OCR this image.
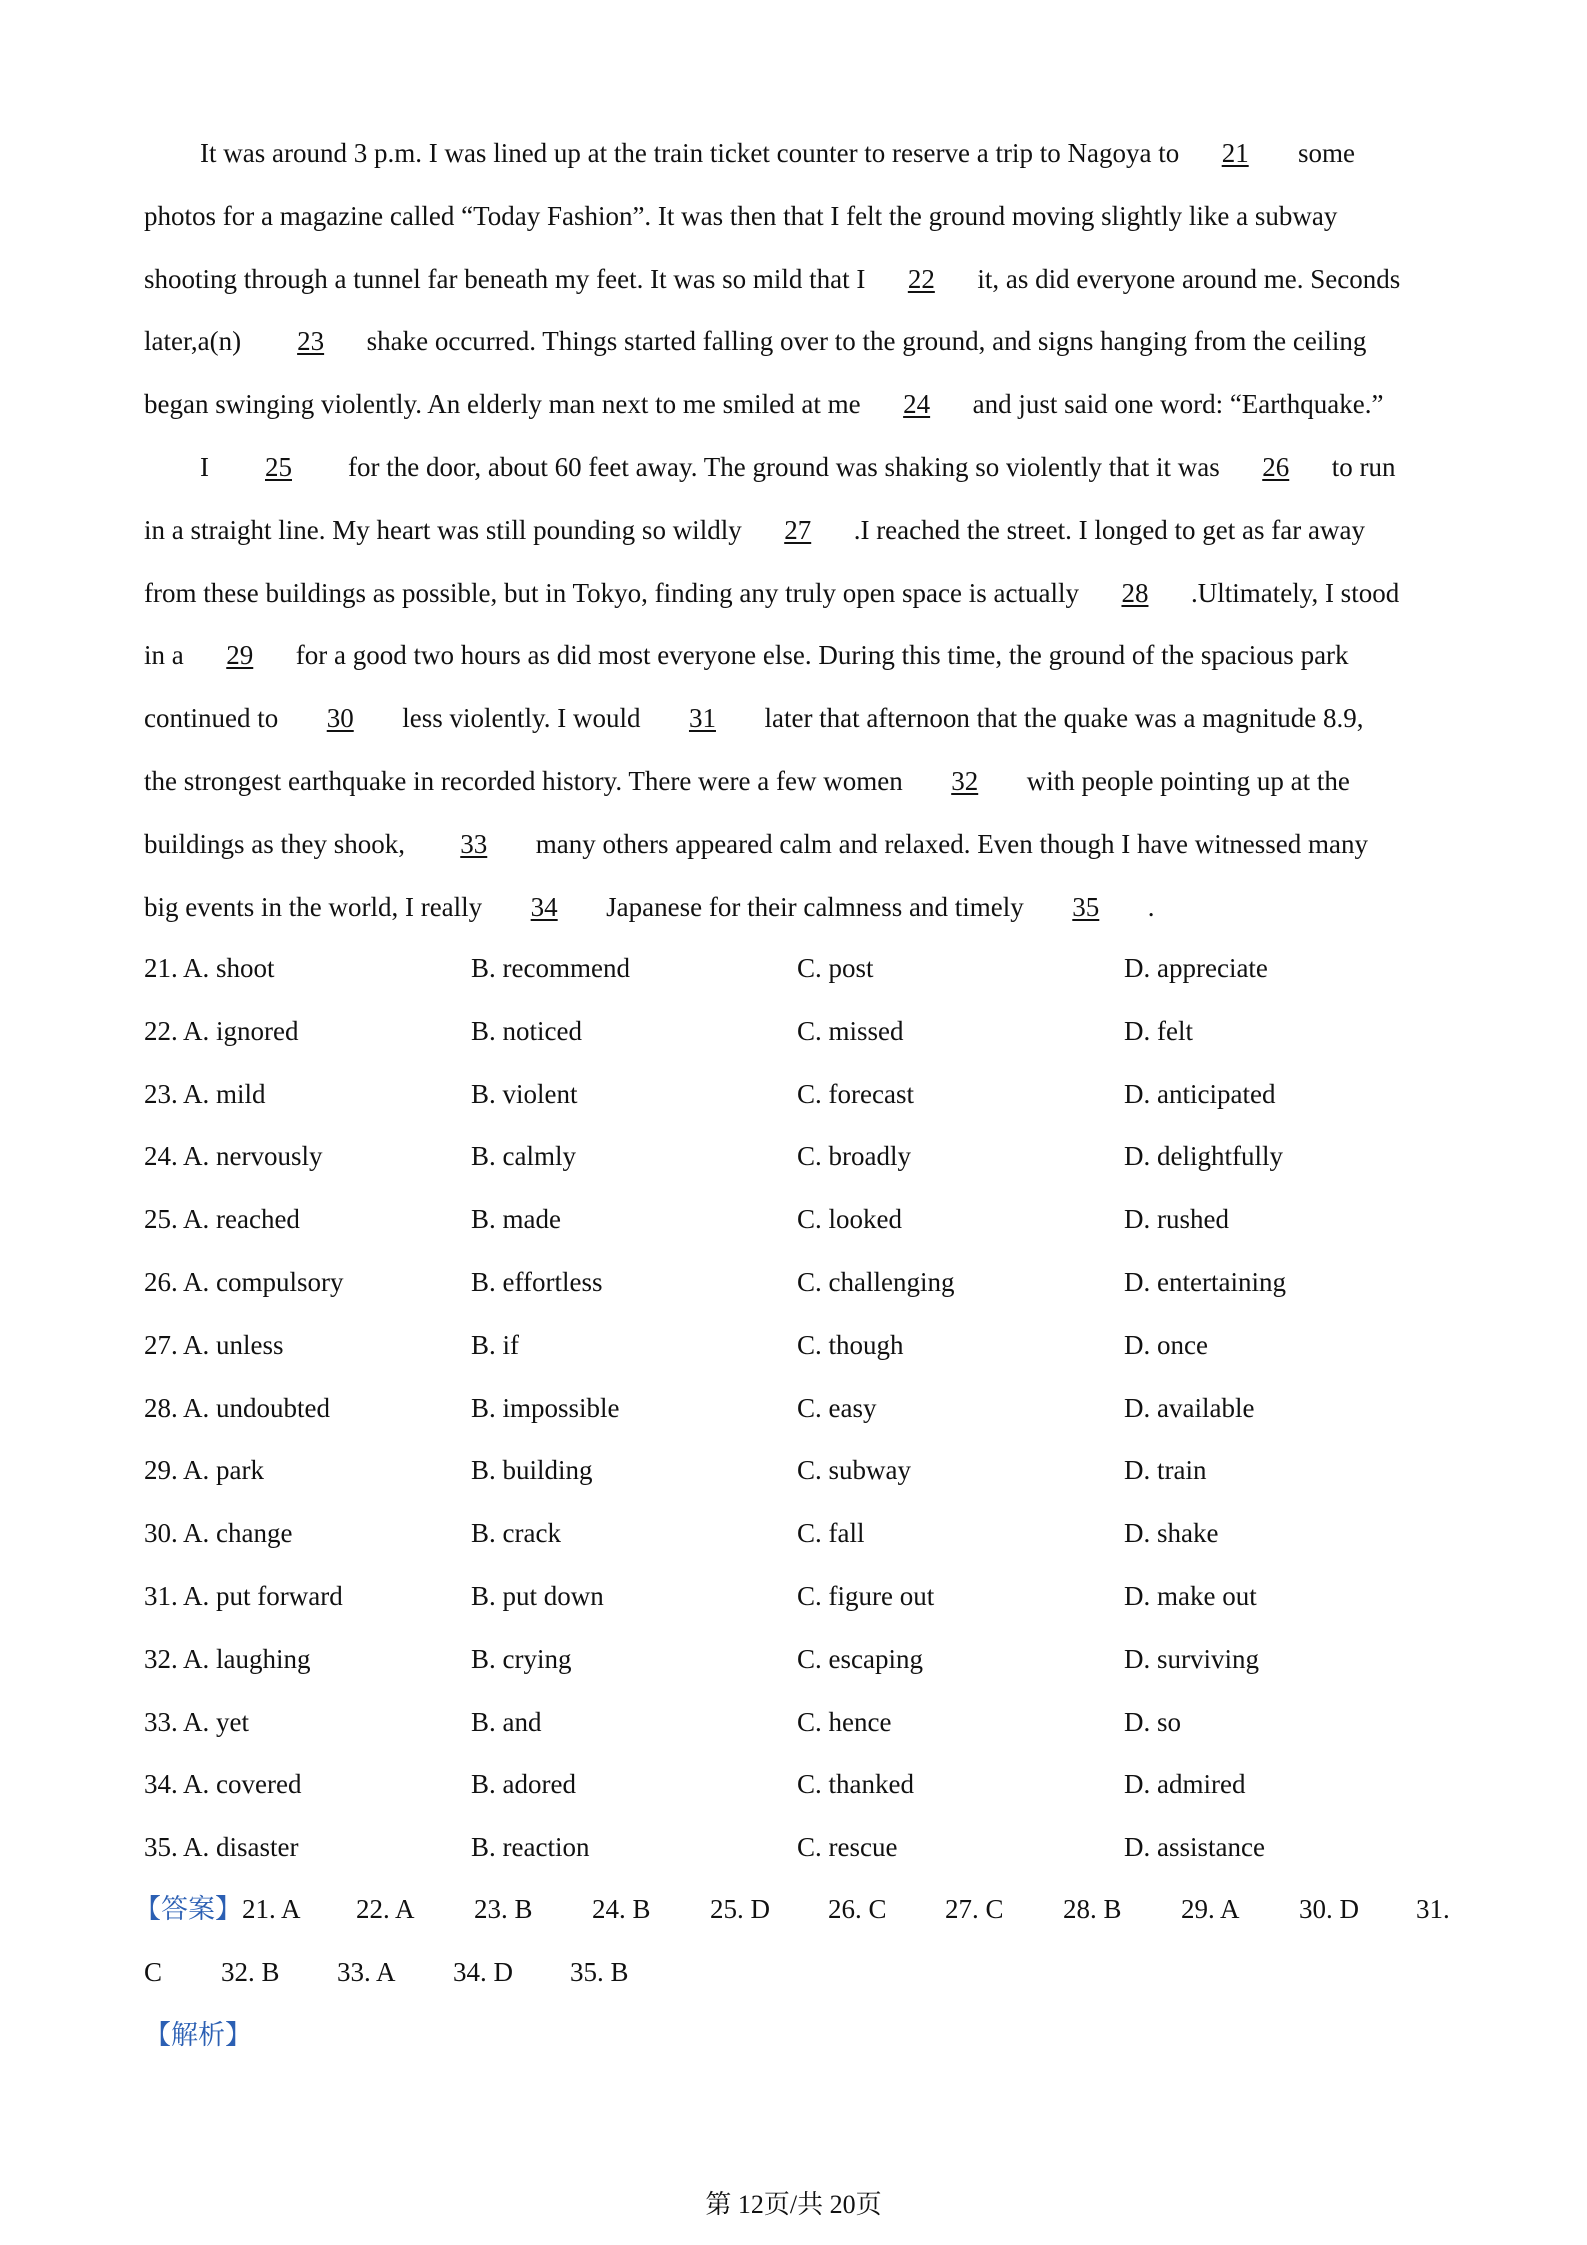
It was around 3 p.m. I was lined up at the train ticket counter to reserve a trip to Nagoya to 21 some
photos for a magazine called “Today Fashion”. It was then that I felt the ground moving slightly like a subway
shooting through a tunnel far beneath my feet. It was so mild that I 22 it, as did everyone around me. Seconds
later,a(n)  23 shake occurred. Things started falling over to the ground, and signs hanging from the ceiling
began swinging violently. An elderly man next to me smiled at me 24 and just said one word: “Earthquake.”
I  25  for the door, about 60 feet away. The ground was shaking so violently that it was 26 to run
in a straight line. My heart was still pounding so wildly 27 .I reached the street. I longed to get as far away
from these buildings as possible, but in Tokyo, finding any truly open space is actually 28 .Ultimately, I stood
in a 29 for a good two hours as did most everyone else. During this time, the ground of the spacious park
continued to 30 less violently. I would 31 later that afternoon that the quake was a magnitude 8.9,
the strongest earthquake in recorded history. There were a few women 32 with people pointing up at the
buildings as they shook, 33 many others appeared calm and relaxed. Even though I have witnessed many
big events in the world, I really 34 Japanese for their calmness and timely 35 .
21. A. shoot	B. recommend	C. post	D. appreciate
22. A. ignored	B. noticed	C. missed	D. felt
23. A. mild	B. violent	C. forecast	D. anticipated
24. A. nervously	B. calmly	C. broadly	D. delightfully
25. A. reached	B. made	C. looked	D. rushed
26. A. compulsory	B. effortless	C. challenging	D. entertaining
27. A. unless	B. if	C. though	D. once
28. A. undoubted	B. impossible	C. easy	D. available
29. A. park	B. building	C. subway	D. train
30. A. change	B. crack	C. fall	D. shake
31. A. put forward	B. put down	C. figure out	D. make out
32. A. laughing	B. crying	C. escaping	D. surviving
33. A. yet	B. and	C. hence	D. so
34. A. covered	B. adored	C. thanked	D. admired
35. A. disaster	B. reaction	C. rescue	D. assistance
【答案】 21. A 22. A 23. B 24. B 25. D 26. C 27. C 28. B 29. A 30. D 31.
C 32. B 33. A 34. D 35. B
【解析】
第 12页/共 20页
